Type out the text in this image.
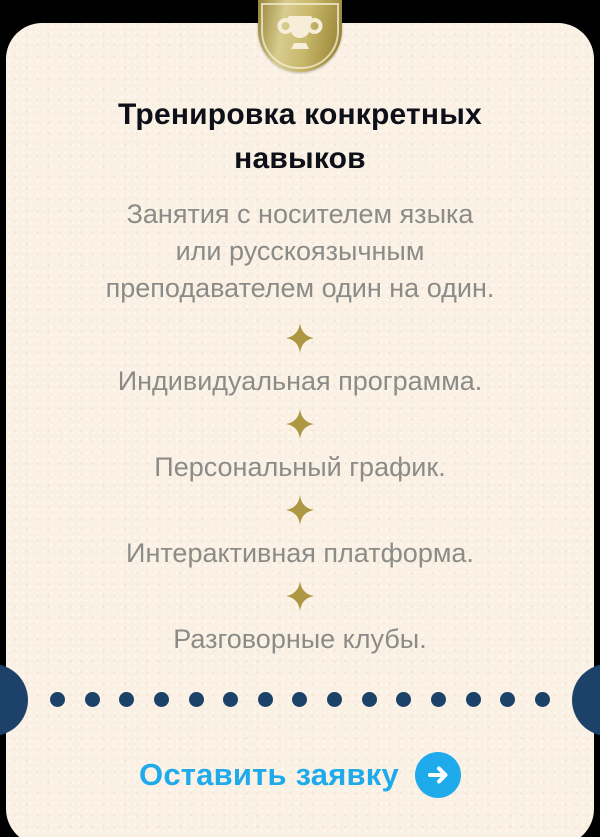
Тренировка конкретных навыков

Занятия с носителем языка
или русскоязычным
преподавателем один на один.

Индивидуальная программа.
Персональный график.
Интерактивная платформа.
Разговорные клубы.
Оставить заявку
